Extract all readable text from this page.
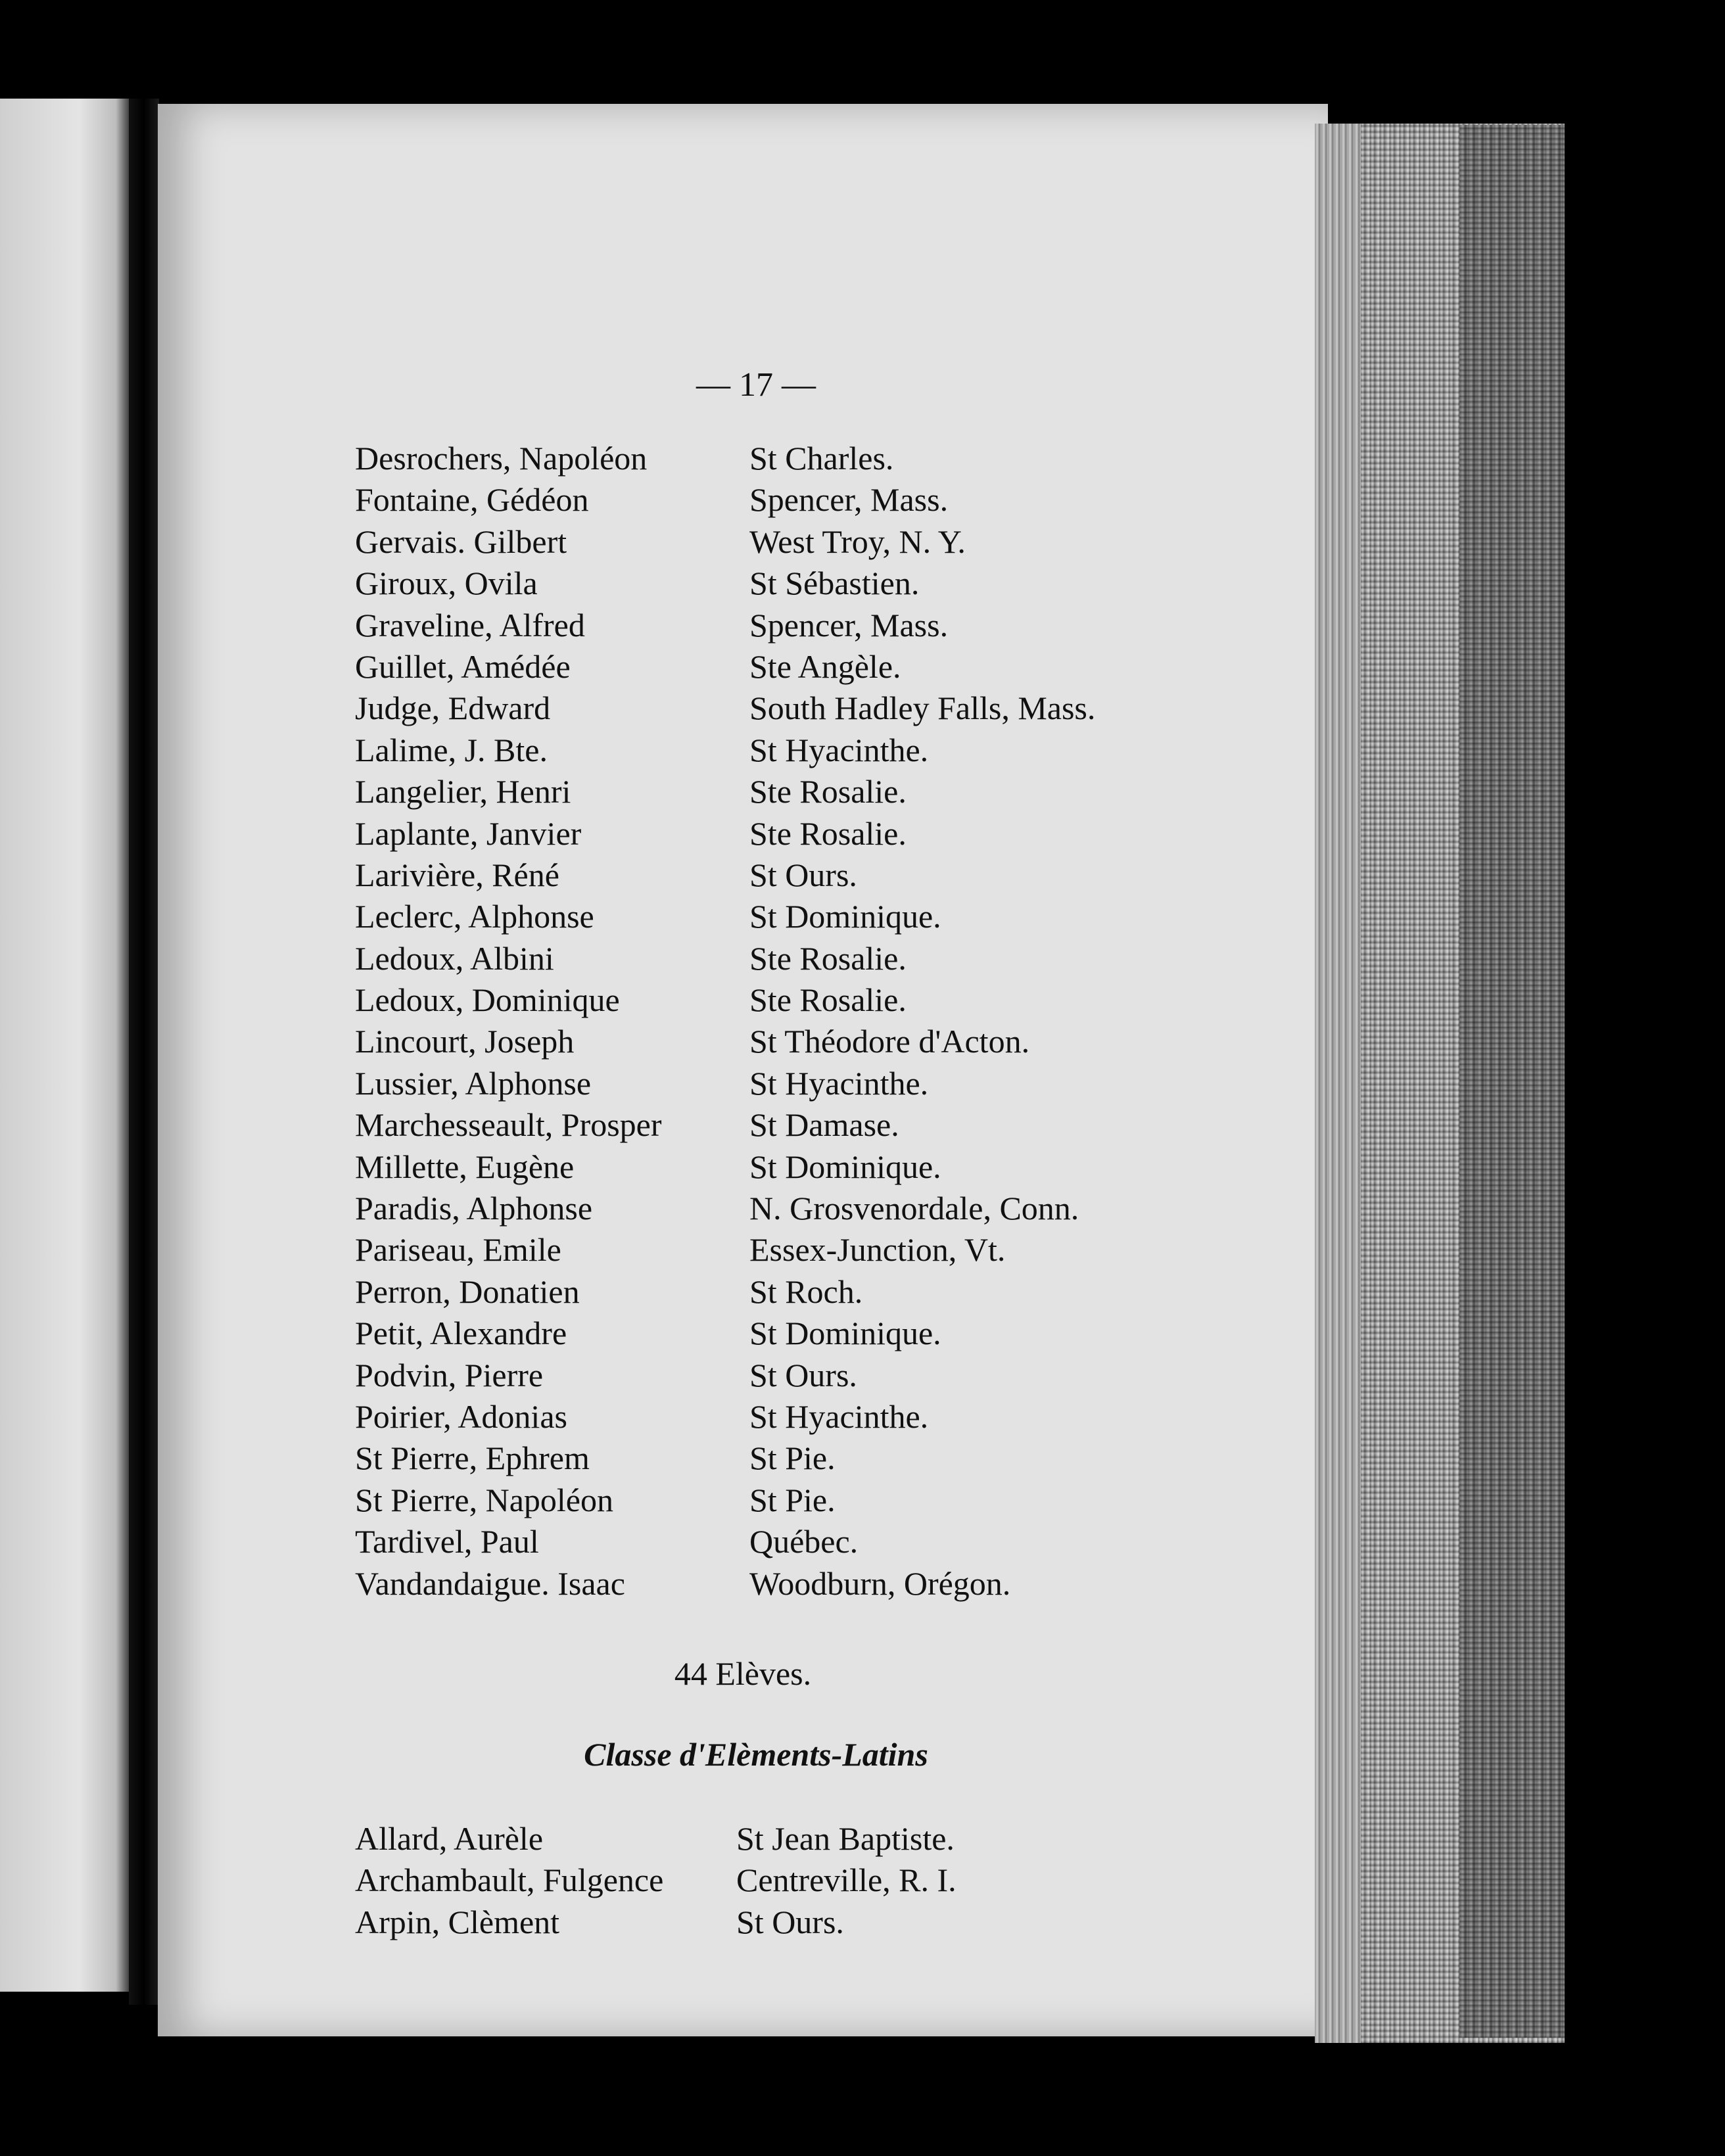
— 17 —

Desrochers, Napoléon	St Charles.
Fontaine, Gédéon	Spencer, Mass.
Gervais. Gilbert	West Troy, N. Y.
Giroux, Ovila	St Sébastien.
Graveline, Alfred	Spencer, Mass.
Guillet, Amédée	Ste Angèle.
Judge, Edward	South Hadley Falls, Mass.
Lalime, J. Bte.	St Hyacinthe.
Langelier, Henri	Ste Rosalie.
Laplante, Janvier	Ste Rosalie.
Larivière, Réné	St Ours.
Leclerc, Alphonse	St Dominique.
Ledoux, Albini	Ste Rosalie.
Ledoux, Dominique	Ste Rosalie.
Lincourt, Joseph	St Théodore d'Acton.
Lussier, Alphonse	St Hyacinthe.
Marchesseault, Prosper	St Damase.
Millette, Eugène	St Dominique.
Paradis, Alphonse	N. Grosvenordale, Conn.
Pariseau, Emile	Essex-Junction, Vt.
Perron, Donatien	St Roch.
Petit, Alexandre	St Dominique.
Podvin, Pierre	St Ours.
Poirier, Adonias	St Hyacinthe.
St Pierre, Ephrem	St Pie.
St Pierre, Napoléon	St Pie.
Tardivel, Paul	Québec.
Vandandaigue. Isaac	Woodburn, Orégon.

44 Elèves.

Classe d'Elèments-Latins
Allard, Aurèle	St Jean Baptiste.
Archambault, Fulgence	Centreville, R. I.
Arpin, Clèment	St Ours.
